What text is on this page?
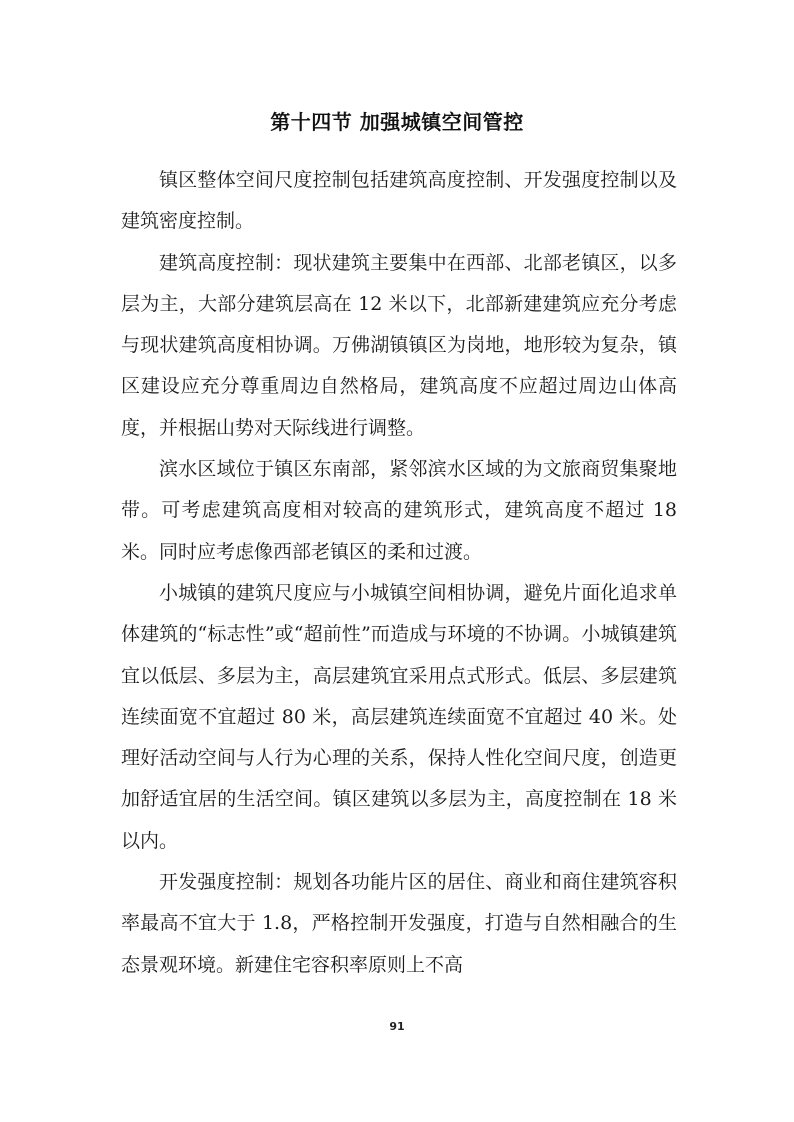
第十四节 加强城镇空间管控

镇区整体空间尺度控制包括建筑高度控制、开发强度控制以及建筑密度控制。

建筑高度控制：现状建筑主要集中在西部、北部老镇区，以多层为主，大部分建筑层高在 12 米以下，北部新建建筑应充分考虑与现状建筑高度相协调。万佛湖镇镇区为岗地，地形较为复杂，镇区建设应充分尊重周边自然格局，建筑高度不应超过周边山体高度，并根据山势对天际线进行调整。

滨水区域位于镇区东南部，紧邻滨水区域的为文旅商贸集聚地带。可考虑建筑高度相对较高的建筑形式，建筑高度不超过 18 米。同时应考虑像西部老镇区的柔和过渡。

小城镇的建筑尺度应与小城镇空间相协调，避免片面化追求单体建筑的“标志性”或“超前性”而造成与环境的不协调。小城镇建筑宜以低层、多层为主，高层建筑宜采用点式形式。低层、多层建筑连续面宽不宜超过 80 米，高层建筑连续面宽不宜超过 40 米。处理好活动空间与人行为心理的关系，保持人性化空间尺度，创造更加舒适宜居的生活空间。镇区建筑以多层为主，高度控制在 18 米以内。

开发强度控制：规划各功能片区的居住、商业和商住建筑容积率最高不宜大于 1.8，严格控制开发强度，打造与自然相融合的生态景观环境。新建住宅容积率原则上不高

91
